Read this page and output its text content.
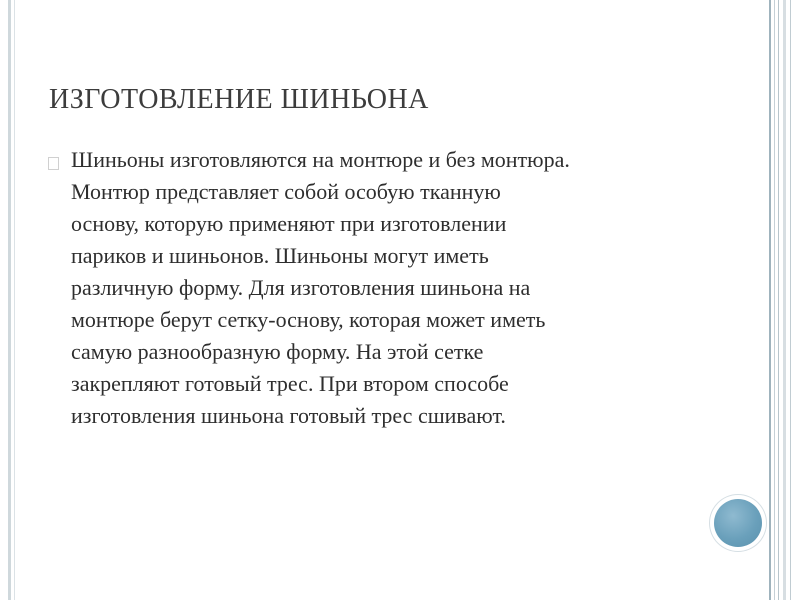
ИЗГОТОВЛЕНИЕ ШИНЬОНА
Шиньоны изготовляются на монтюре и без монтюра.
Монтюр представляет собой особую тканную
основу, которую применяют при изготовлении
париков и шиньонов. Шиньоны могут иметь
различную форму. Для изготовления шиньона на
монтюре берут сетку-основу, которая может иметь
самую разнообразную форму. На этой сетке
закрепляют готовый трес. При втором способе
изготовления шиньона готовый трес сшивают.
